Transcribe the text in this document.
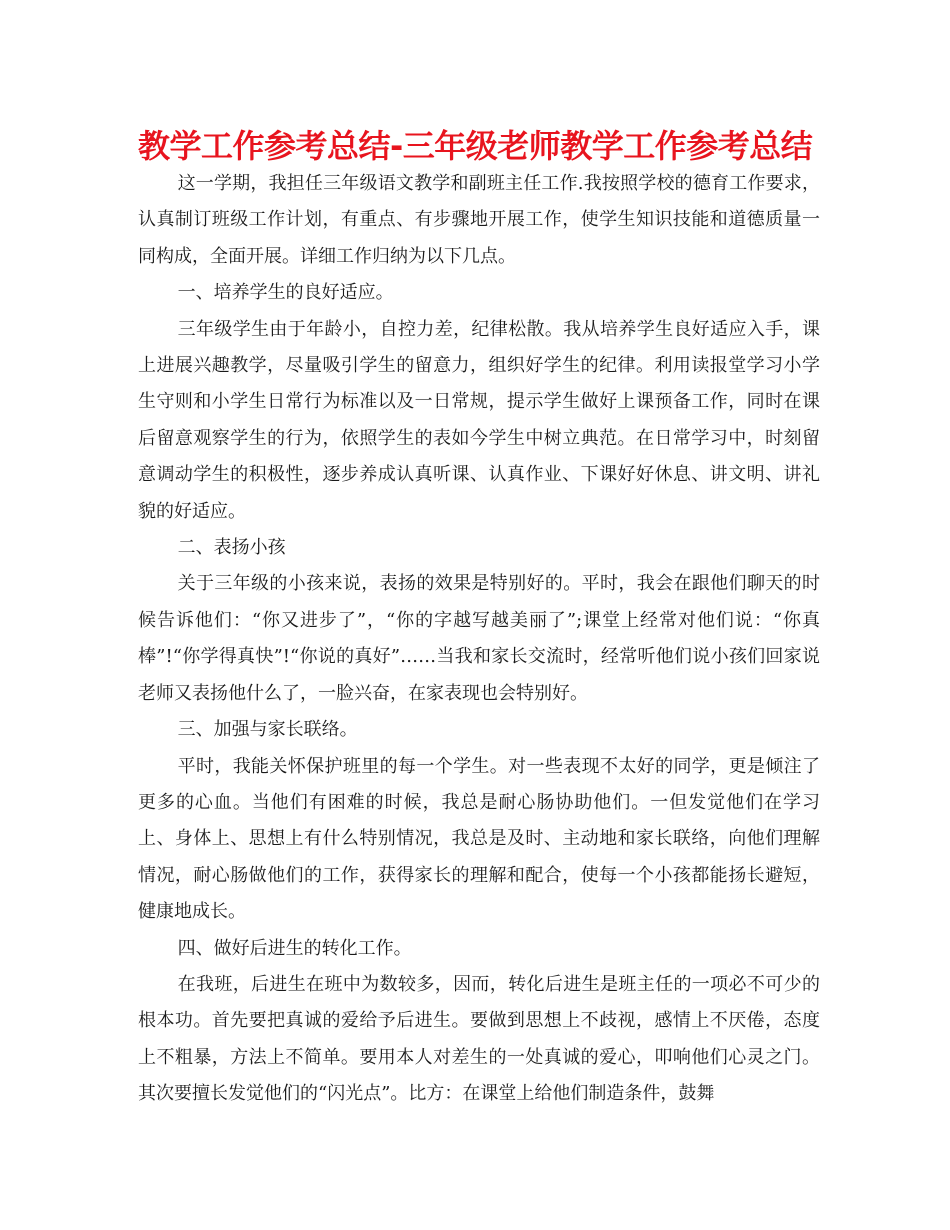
教学工作参考总结-三年级老师教学工作参考总结

这一学期，我担任三年级语文教学和副班主任工作.我按照学校的德育工作要求，认真制订班级工作计划，有重点、有步骤地开展工作，使学生知识技能和道德质量一同构成，全面开展。详细工作归纳为以下几点。

一、培养学生的良好适应。

三年级学生由于年龄小，自控力差，纪律松散。我从培养学生良好适应入手，课上进展兴趣教学，尽量吸引学生的留意力，组织好学生的纪律。利用读报堂学习小学生守则和小学生日常行为标准以及一日常规，提示学生做好上课预备工作，同时在课后留意观察学生的行为，依照学生的表如今学生中树立典范。在日常学习中，时刻留意调动学生的积极性，逐步养成认真听课、认真作业、下课好好休息、讲文明、讲礼貌的好适应。

二、表扬小孩

关于三年级的小孩来说，表扬的效果是特别好的。平时，我会在跟他们聊天的时候告诉他们：“你又进步了”，“你的字越写越美丽了”;课堂上经常对他们说：“你真棒”!“你学得真快”!“你说的真好”……当我和家长交流时，经常听他们说小孩们回家说老师又表扬他什么了，一脸兴奋，在家表现也会特别好。

三、加强与家长联络。

平时，我能关怀保护班里的每一个学生。对一些表现不太好的同学，更是倾注了更多的心血。当他们有困难的时候，我总是耐心肠协助他们。一但发觉他们在学习上、身体上、思想上有什么特别情况，我总是及时、主动地和家长联络，向他们理解情况，耐心肠做他们的工作，获得家长的理解和配合，使每一个小孩都能扬长避短，健康地成长。

四、做好后进生的转化工作。

在我班，后进生在班中为数较多，因而，转化后进生是班主任的一项必不可少的根本功。首先要把真诚的爱给予后进生。要做到思想上不歧视，感情上不厌倦，态度上不粗暴，方法上不简单。要用本人对差生的一处真诚的爱心，叩响他们心灵之门。其次要擅长发觉他们的“闪光点”。比方：在课堂上给他们制造条件，鼓舞
